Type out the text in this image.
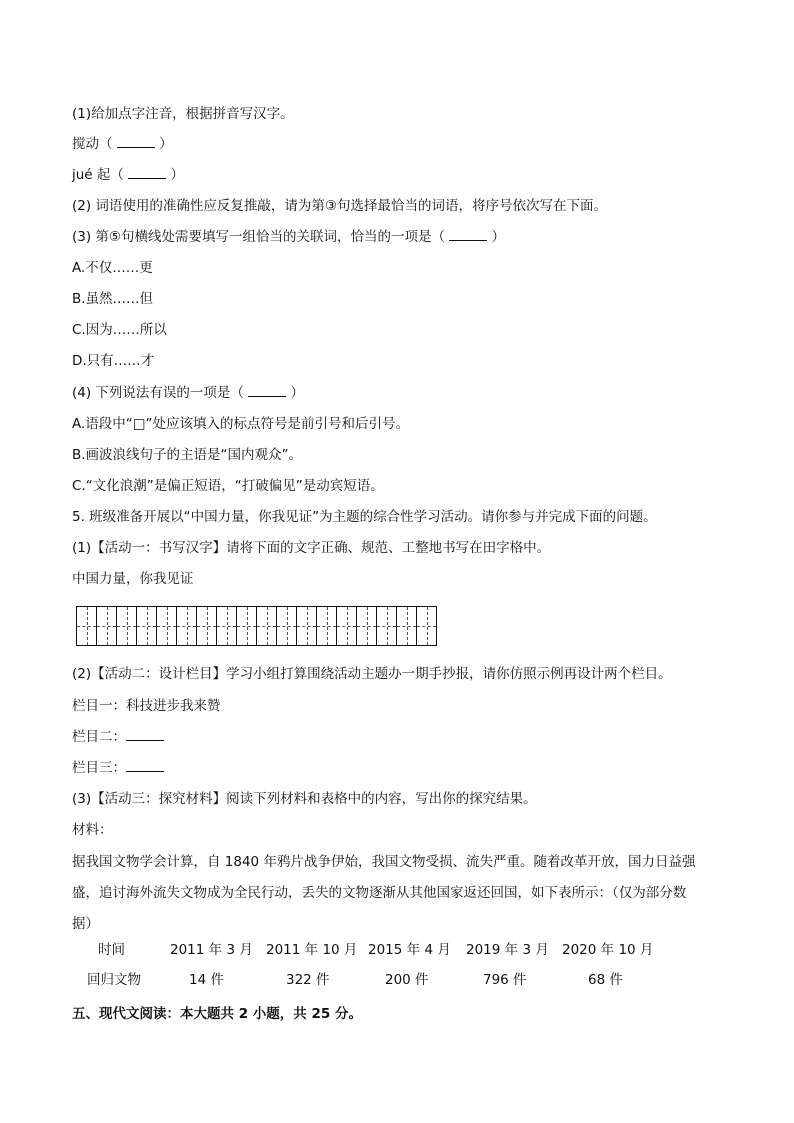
(1)给加点字注音，根据拼音写汉字。
搅动（	）
jué 起（	）
(2) 词语使用的准确性应反复推敲，请为第③句选择最恰当的词语，将序号依次写在下面。
(3) 第⑤句横线处需要填写一组恰当的关联词，恰当的一项是（	）
A.不仅……更
B.虽然……但
C.因为……所以
D.只有……才
(4) 下列说法有误的一项是（	）
A.语段中“□”处应该填入的标点符号是前引号和后引号。
B.画波浪线句子的主语是“国内观众”。
C.“文化浪潮”是偏正短语，“打破偏见”是动宾短语。
5. 班级准备开展以“中国力量，你我见证”为主题的综合性学习活动。请你参与并完成下面的问题。
(1)【活动一：书写汉字】请将下面的文字正确、规范、工整地书写在田字格中。
中国力量，你我见证
(2)【活动二：设计栏目】学习小组打算围绕活动主题办一期手抄报，请你仿照示例再设计两个栏目。
栏目一：科技进步我来赞
栏目二：
栏目三：
(3)【活动三：探究材料】阅读下列材料和表格中的内容，写出你的探究结果。
材料：
据我国文物学会计算，自 1840 年鸦片战争伊始，我国文物受损、流失严重。随着改革开放，国力日益强
盛，追讨海外流失文物成为全民行动，丢失的文物逐渐从其他国家返还回国，如下表所示：（仅为部分数
据）
时间	2011 年 3 月 2011 年 10 月 2015 年 4 月 2019 年 3 月 2020 年 10 月
回归文物	14 件	322 件	200 件	796 件	68 件
五、现代文阅读：本大题共 2 小题，共 25 分。
